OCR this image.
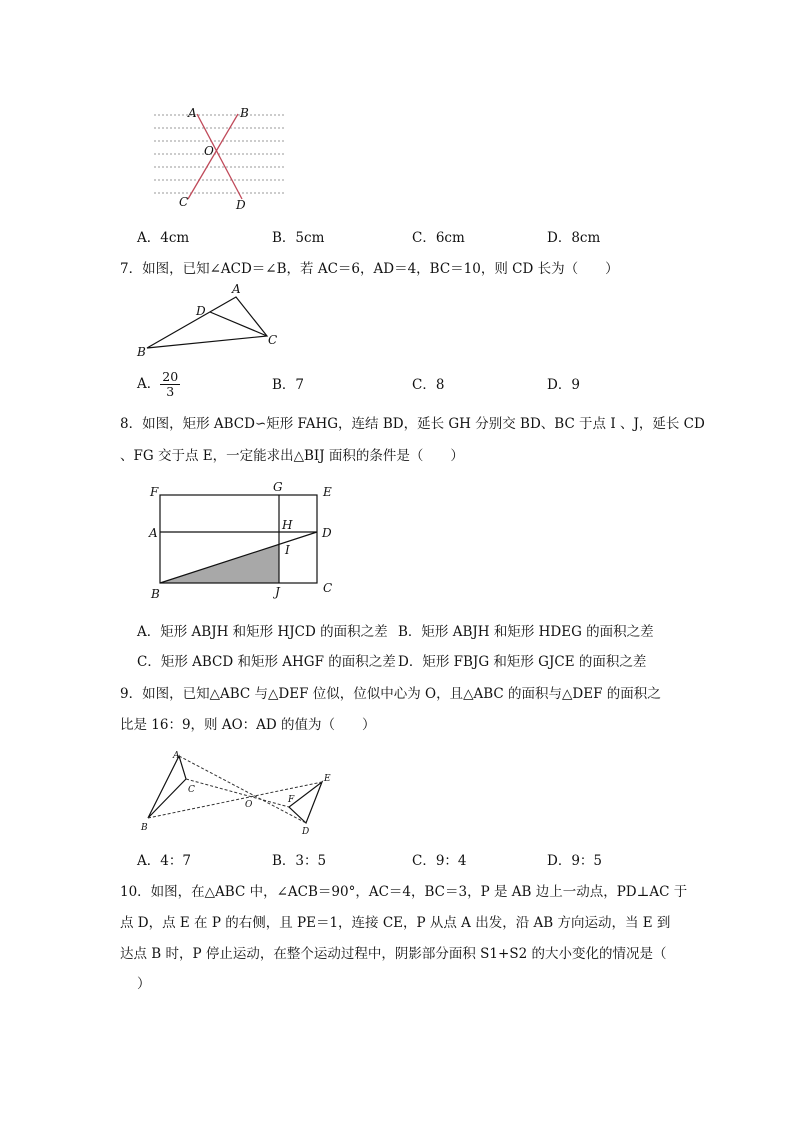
A	B
O
C	D
A．4cm	B．5cm	C．6cm	D．8cm
7．如图，已知∠ACD＝∠B，若 AC＝6，AD＝4，BC＝10，则 CD 长为（　　）
A
D
B
C
A． $\frac{20}{3}$	B．7	C．8	D．9
8．如图，矩形 ABCD∽矩形 FAHG，连结 BD，延长 GH 分别交 BD、BC 于点 I 、J，延长 CD
、FG 交于点 E，一定能求出△BIJ 面积的条件是（　　）
F	G	E
A
H
D
I
B	J	C
A．矩形 ABJH 和矩形 HJCD 的面积之差 B．矩形 ABJH 和矩形 HDEG 的面积之差
C．矩形 ABCD 和矩形 AHGF 的面积之差 D．矩形 FBJG 和矩形 GJCE 的面积之差
9．如图，已知△ABC 与△DEF 位似，位似中心为 O，且△ABC 的面积与△DEF 的面积之
比是 16：9，则 AO：AD 的值为（　　）
A
C
B
O
E
F
D
A．4：7	B．3：5	C．9：4	D．9：5
10．如图，在△ABC 中，∠ACB＝90°，AC＝4，BC＝3，P 是 AB 边上一动点，PD⊥AC 于
点 D，点 E 在 P 的右侧，且 PE＝1，连接 CE，P 从点 A 出发，沿 AB 方向运动，当 E 到
达点 B 时，P 停止运动，在整个运动过程中，阴影部分面积 S1+S2 的大小变化的情况是（
）
